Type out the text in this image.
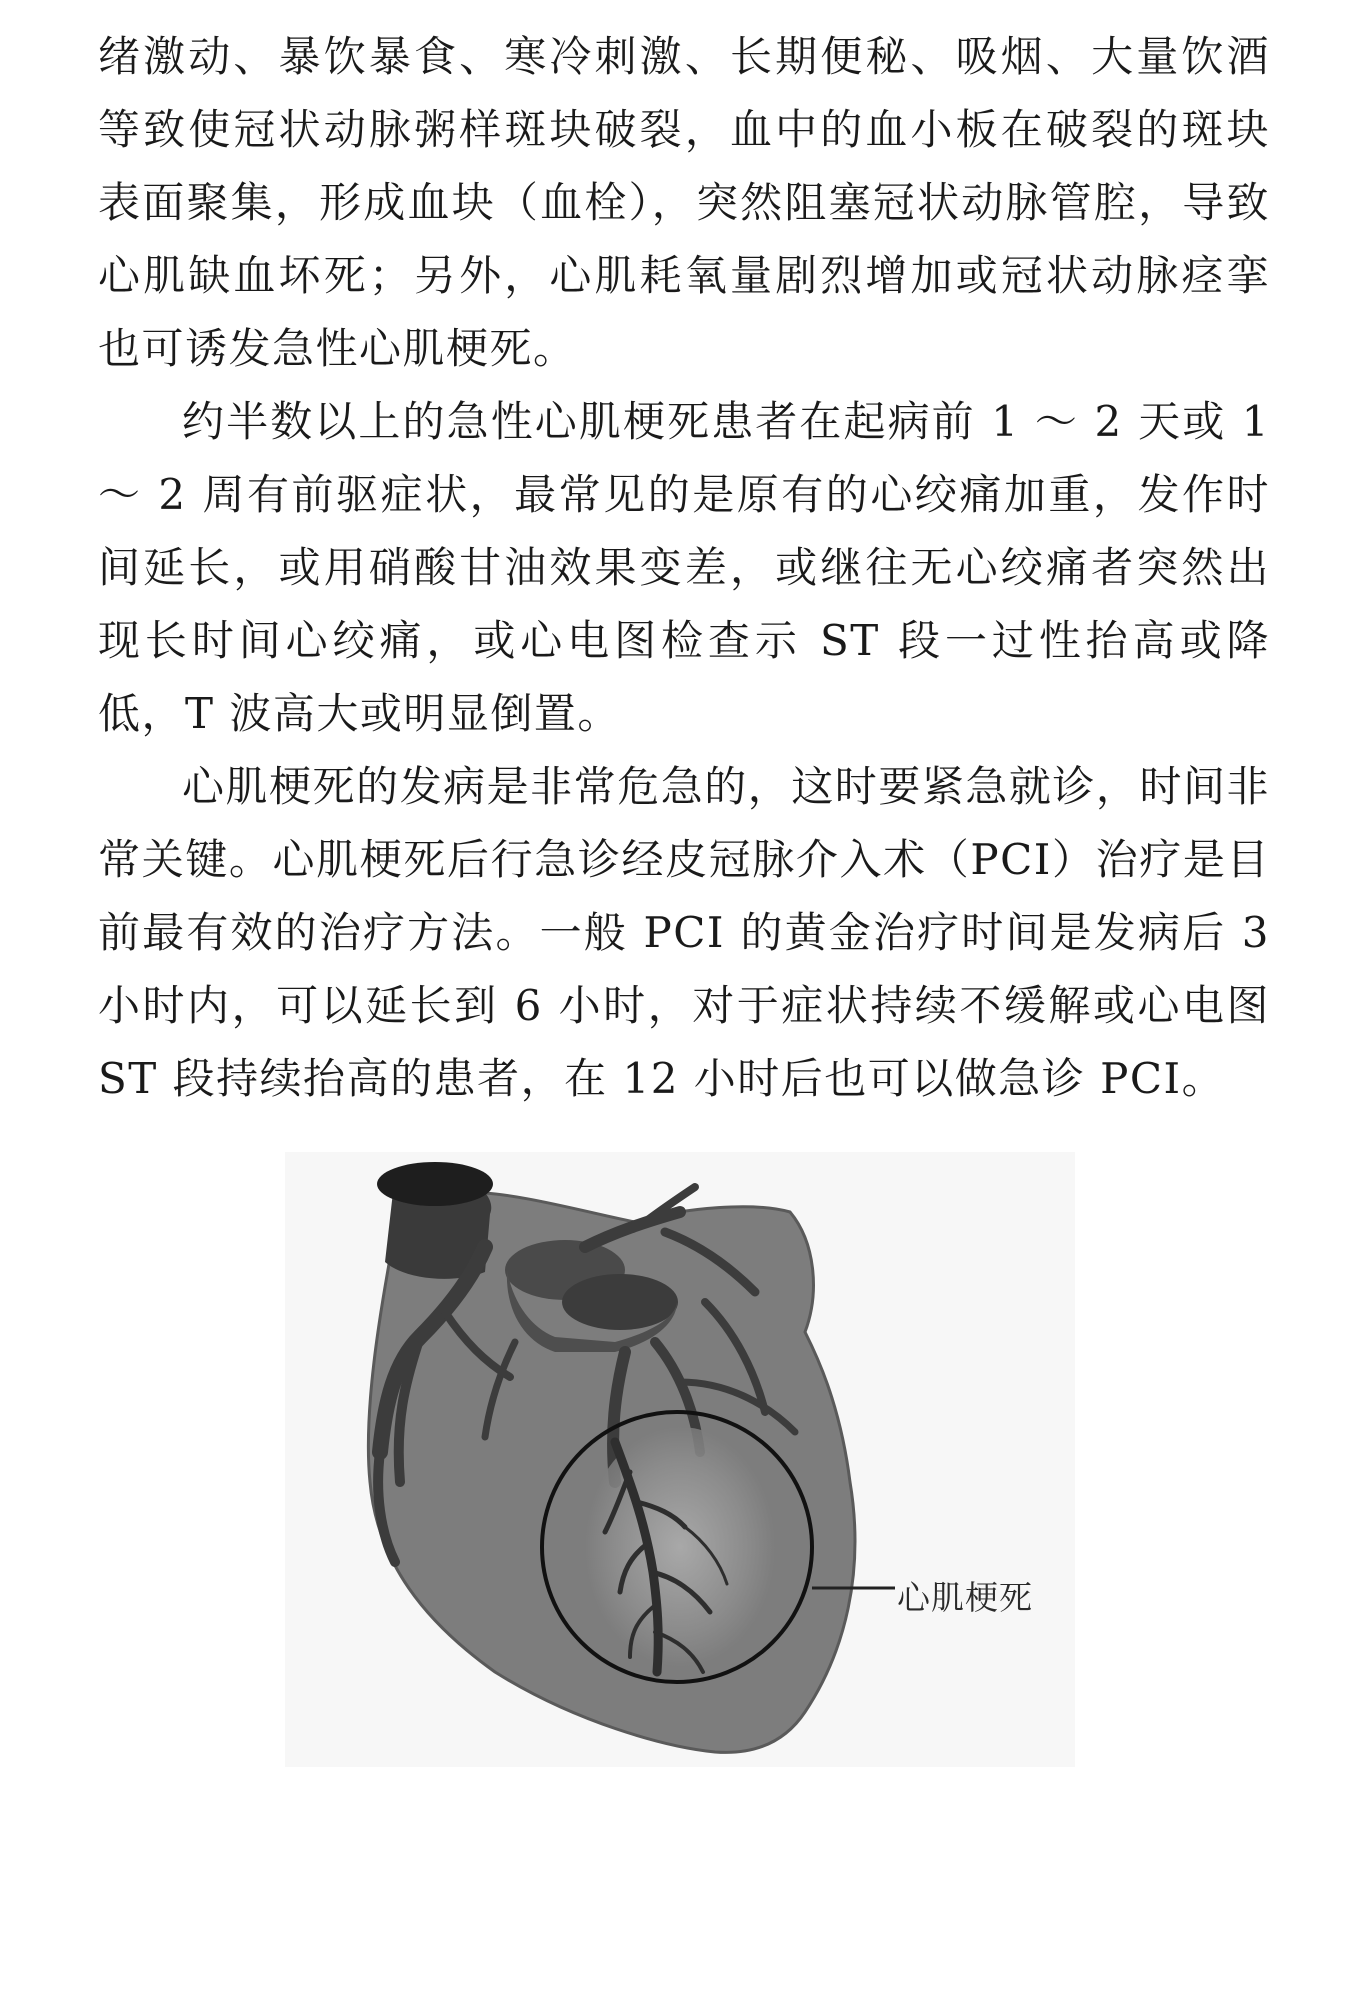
绪激动、暴饮暴食、寒冷刺激、长期便秘、吸烟、大量饮酒等致使冠状动脉粥样斑块破裂，血中的血小板在破裂的斑块表面聚集，形成血块（血栓），突然阻塞冠状动脉管腔，导致心肌缺血坏死；另外，心肌耗氧量剧烈增加或冠状动脉痉挛也可诱发急性心肌梗死。

约半数以上的急性心肌梗死患者在起病前 1 ～ 2 天或 1 ～ 2 周有前驱症状，最常见的是原有的心绞痛加重，发作时间延长，或用硝酸甘油效果变差，或继往无心绞痛者突然出现长时间心绞痛，或心电图检查示 ST 段一过性抬高或降低，T 波高大或明显倒置。

心肌梗死的发病是非常危急的，这时要紧急就诊，时间非常关键。心肌梗死后行急诊经皮冠脉介入术（PCI）治疗是目前最有效的治疗方法。一般 PCI 的黄金治疗时间是发病后 3 小时内，可以延长到 6 小时，对于症状持续不缓解或心电图 ST 段持续抬高的患者，在 12 小时后也可以做急诊 PCI。

心肌梗死
